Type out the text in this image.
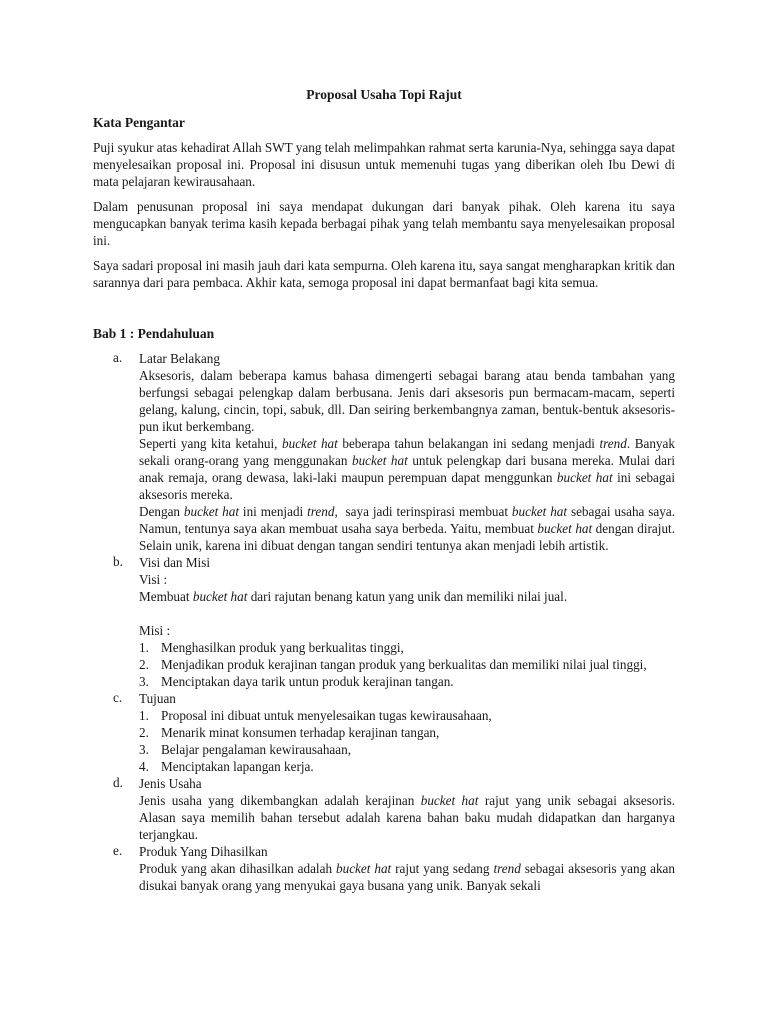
Proposal Usaha Topi Rajut
Kata Pengantar

Puji syukur atas kehadirat Allah SWT yang telah melimpahkan rahmat serta karunia-Nya, sehingga saya dapat menyelesaikan proposal ini. Proposal ini disusun untuk memenuhi tugas yang diberikan oleh Ibu Dewi di mata pelajaran kewirausahaan.

Dalam penusunan proposal ini saya mendapat dukungan dari banyak pihak. Oleh karena itu saya mengucapkan banyak terima kasih kepada berbagai pihak yang telah membantu saya menyelesaikan proposal ini.

Saya sadari proposal ini masih jauh dari kata sempurna. Oleh karena itu, saya sangat mengharapkan kritik dan sarannya dari para pembaca. Akhir kata, semoga proposal ini dapat bermanfaat bagi kita semua.

Bab 1 : Pendahuluan
a.	Latar Belakang

Aksesoris, dalam beberapa kamus bahasa dimengerti sebagai barang atau benda tambahan yang berfungsi sebagai pelengkap dalam berbusana. Jenis dari aksesoris pun bermacam-macam, seperti gelang, kalung, cincin, topi, sabuk, dll. Dan seiring berkembangnya zaman, bentuk-bentuk aksesoris-pun ikut berkembang.

Seperti yang kita ketahui, bucket hat beberapa tahun belakangan ini sedang menjadi trend. Banyak sekali orang-orang yang menggunakan bucket hat untuk pelengkap dari busana mereka. Mulai dari anak remaja, orang dewasa, laki-laki maupun perempuan dapat menggunkan bucket hat ini sebagai aksesoris mereka.

Dengan bucket hat ini menjadi trend,  saya jadi terinspirasi membuat bucket hat sebagai usaha saya. Namun, tentunya saya akan membuat usaha saya berbeda. Yaitu, membuat bucket hat dengan dirajut. Selain unik, karena ini dibuat dengan tangan sendiri tentunya akan menjadi lebih artistik.

b.	Visi dan Misi

Visi :

Membuat bucket hat dari rajutan benang katun yang unik dan memiliki nilai jual.

Misi :

1. Menghasilkan produk yang berkualitas tinggi,
2. Menjadikan produk kerajinan tangan produk yang berkualitas dan memiliki nilai jual tinggi,
3. Menciptakan daya tarik untun produk kerajinan tangan.
c.	Tujuan
1. Proposal ini dibuat untuk menyelesaikan tugas kewirausahaan,
2. Menarik minat konsumen terhadap kerajinan tangan,
3. Belajar pengalaman kewirausahaan,
4. Menciptakan lapangan kerja.
d.	Jenis Usaha

Jenis usaha yang dikembangkan adalah kerajinan bucket hat rajut yang unik sebagai aksesoris. Alasan saya memilih bahan tersebut adalah karena bahan baku mudah didapatkan dan harganya terjangkau.

e.	Produk Yang Dihasilkan

Produk yang akan dihasilkan adalah bucket hat rajut yang sedang trend sebagai aksesoris yang akan disukai banyak orang yang menyukai gaya busana yang unik. Banyak sekali
